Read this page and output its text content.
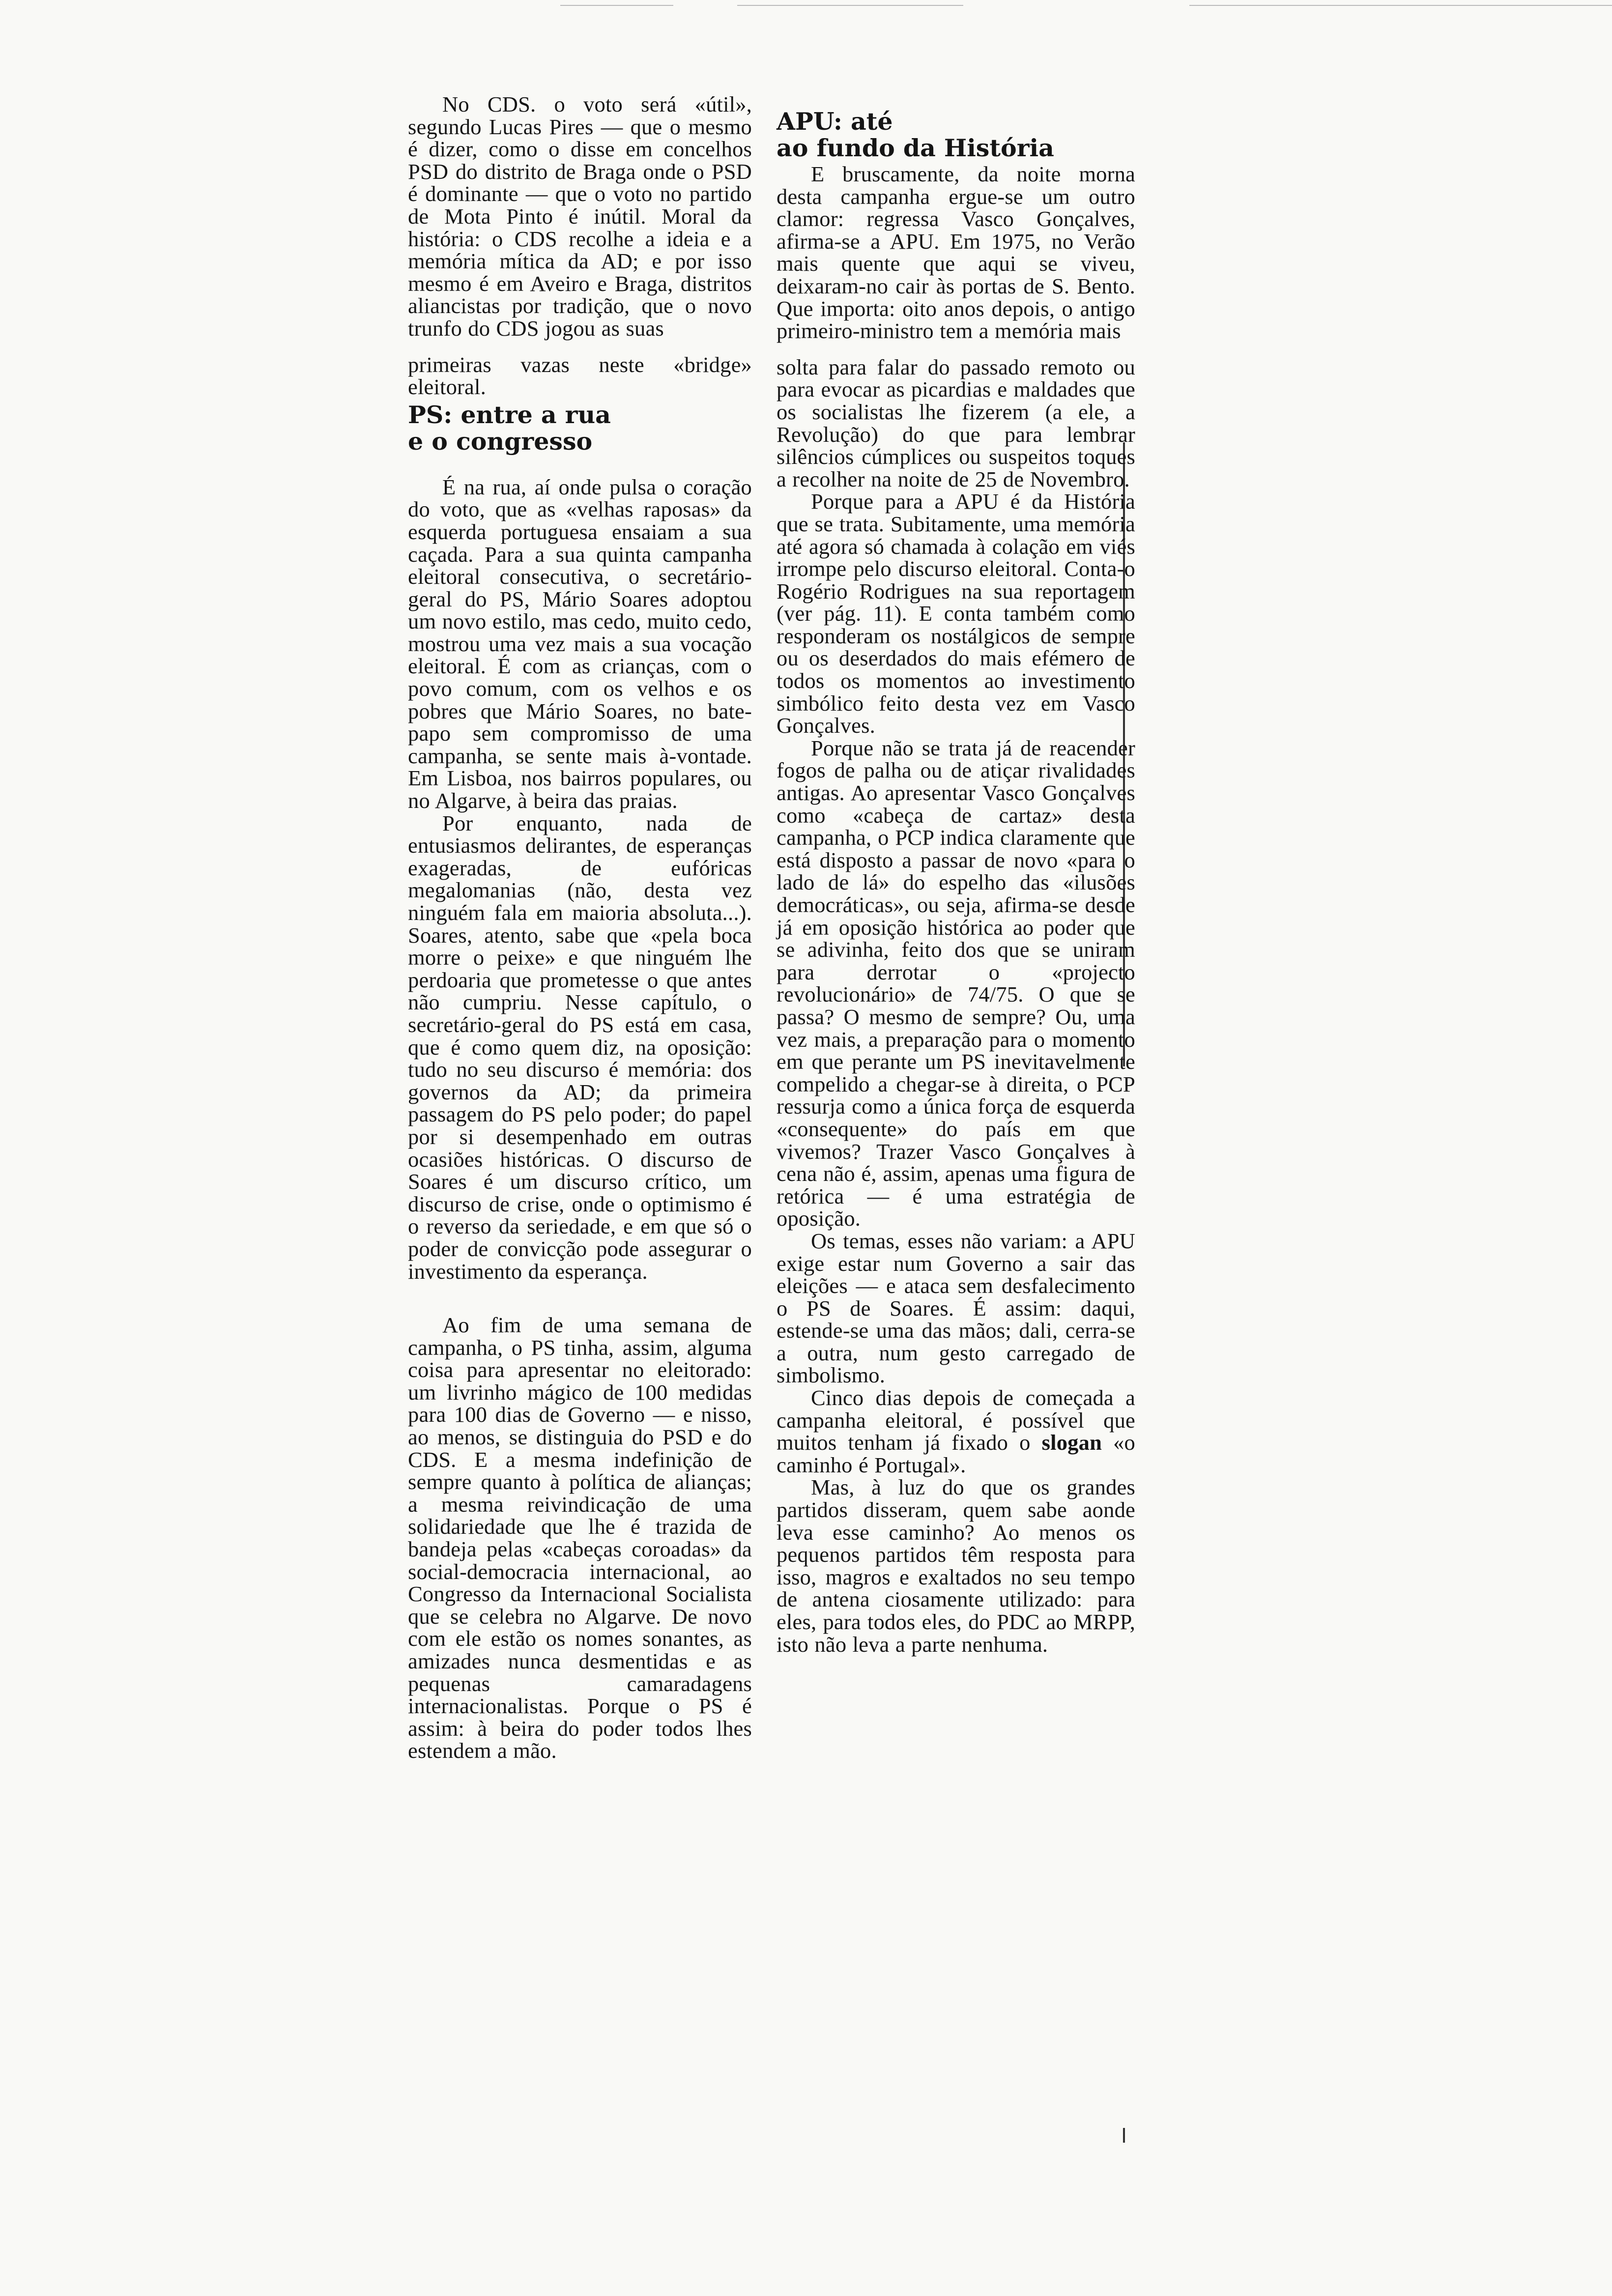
No CDS. o voto será «útil», segundo Lucas Pires — que o mesmo é dizer, como o disse em concelhos PSD do distrito de Braga onde o PSD é dominante — que o voto no partido de Mota Pinto é inútil. Moral da história: o CDS recolhe a ideia e a memória mítica da AD; e por isso mesmo é em Aveiro e Braga, distritos aliancistas por tradição, que o novo trunfo do CDS jogou as suas

primeiras vazas neste «bridge» eleitoral.

PS: entre a rua
e o congresso

É na rua, aí onde pulsa o coração do voto, que as «velhas raposas» da esquerda portuguesa ensaiam a sua caçada. Para a sua quinta campanha eleitoral consecutiva, o secretário-geral do PS, Mário Soares adoptou um novo estilo, mas cedo, muito cedo, mostrou uma vez mais a sua vocação eleitoral. É com as crianças, com o povo comum, com os velhos e os pobres que Mário Soares, no bate-papo sem compromisso de uma campanha, se sente mais à-vontade. Em Lisboa, nos bairros populares, ou no Algarve, à beira das praias.

Por enquanto, nada de entusiasmos delirantes, de esperanças exageradas, de eufóricas megalomanias (não, desta vez ninguém fala em maioria absoluta...). Soares, atento, sabe que «pela boca morre o peixe» e que ninguém lhe perdoaria que prometesse o que antes não cumpriu. Nesse capítulo, o secretário-geral do PS está em casa, que é como quem diz, na oposição: tudo no seu discurso é memória: dos governos da AD; da primeira passagem do PS pelo poder; do papel por si desempenhado em outras ocasiões históricas. O discurso de Soares é um discurso crítico, um discurso de crise, onde o optimismo é o reverso da seriedade, e em que só o poder de convicção pode assegurar o investimento da esperança.

Ao fim de uma semana de campanha, o PS tinha, assim, alguma coisa para apresentar no eleitorado: um livrinho mágico de 100 medidas para 100 dias de Governo — e nisso, ao menos, se distinguia do PSD e do CDS. E a mesma indefinição de sempre quanto à política de alianças; a mesma reivindicação de uma solidariedade que lhe é trazida de bandeja pelas «cabeças coroadas» da social-democracia internacional, ao Congresso da Internacional Socialista que se celebra no Algarve. De novo com ele estão os nomes sonantes, as amizades nunca desmentidas e as pequenas camaradagens internacionalistas. Porque o PS é assim: à beira do poder todos lhes estendem a mão.

APU: até
ao fundo da História

E bruscamente, da noite morna desta campanha ergue-se um outro clamor: regressa Vasco Gonçalves, afirma-se a APU. Em 1975, no Verão mais quente que aqui se viveu, deixaram-no cair às portas de S. Bento. Que importa: oito anos depois, o antigo primeiro-ministro tem a memória mais

solta para falar do passado remoto ou para evocar as picardias e maldades que os socialistas lhe fizerem (a ele, a Revolução) do que para lembrar silêncios cúmplices ou suspeitos toques a recolher na noite de 25 de Novembro.

Porque para a APU é da História que se trata. Subitamente, uma memória até agora só chamada à colação em viés irrompe pelo discurso eleitoral. Conta-o Rogério Rodrigues na sua reportagem (ver pág. 11). E conta também como responderam os nostálgicos de sempre ou os deserdados do mais efémero de todos os momentos ao investimento simbólico feito desta vez em Vasco Gonçalves.

Porque não se trata já de reacender fogos de palha ou de atiçar rivalidades antigas. Ao apresentar Vasco Gonçalves como «cabeça de cartaz» desta campanha, o PCP indica claramente que está disposto a passar de novo «para o lado de lá» do espelho das «ilusões democráticas», ou seja, afirma-se desde já em oposição histórica ao poder que se adivinha, feito dos que se uniram para derrotar o «projecto revolucionário» de 74/75. O que se passa? O mesmo de sempre? Ou, uma vez mais, a preparação para o momento em que perante um PS inevitavelmente compelido a chegar-se à direita, o PCP ressurja como a única força de esquerda «consequente» do país em que vivemos? Trazer Vasco Gonçalves à cena não é, assim, apenas uma figura de retórica — é uma estratégia de oposição.

Os temas, esses não variam: a APU exige estar num Governo a sair das eleições — e ataca sem desfalecimento o PS de Soares. É assim: daqui, estende-se uma das mãos; dali, cerra-se a outra, num gesto carregado de simbolismo.

Cinco dias depois de começada a campanha eleitoral, é possível que muitos tenham já fixado o slogan «o caminho é Portugal».

Mas, à luz do que os grandes partidos disseram, quem sabe aonde leva esse caminho? Ao menos os pequenos partidos têm resposta para isso, magros e exaltados no seu tempo de antena ciosamente utilizado: para eles, para todos eles, do PDC ao MRPP, isto não leva a parte nenhuma.
